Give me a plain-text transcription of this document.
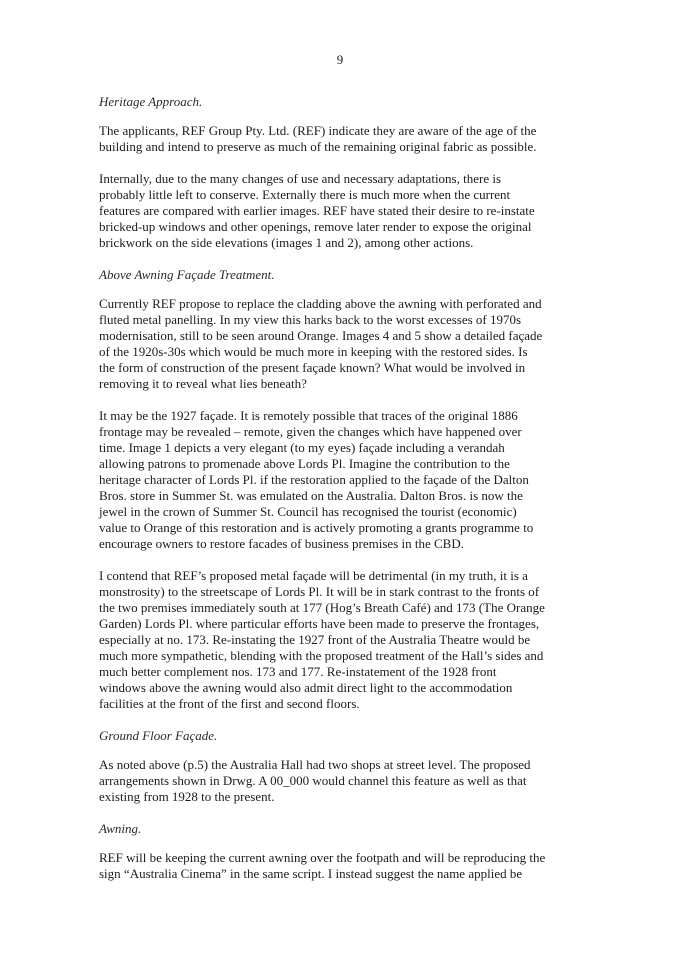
9
Heritage Approach.
The applicants, REF Group Pty. Ltd. (REF) indicate they are aware of the age of the
building and intend to preserve as much of the remaining original fabric as possible.
Internally, due to the many changes of use and necessary adaptations, there is
probably little left to conserve. Externally there is much more when the current
features are compared with earlier images. REF have stated their desire to re-instate
bricked-up windows and other openings, remove later render to expose the original
brickwork on the side elevations (images 1 and 2), among other actions.
Above Awning Façade Treatment.
Currently REF propose to replace the cladding above the awning with perforated and
fluted metal panelling. In my view this harks back to the worst excesses of 1970s
modernisation, still to be seen around Orange. Images 4 and 5 show a detailed façade
of the 1920s-30s which would be much more in keeping with the restored sides. Is
the form of construction of the present façade known? What would be involved in
removing it to reveal what lies beneath?
It may be the 1927 façade. It is remotely possible that traces of the original 1886
frontage may be revealed – remote, given the changes which have happened over
time. Image 1 depicts a very elegant (to my eyes) façade including a verandah
allowing patrons to promenade above Lords Pl. Imagine the contribution to the
heritage character of Lords Pl. if the restoration applied to the façade of the Dalton
Bros. store in Summer St. was emulated on the Australia. Dalton Bros. is now the
jewel in the crown of Summer St. Council has recognised the tourist (economic)
value to Orange of this restoration and is actively promoting a grants programme to
encourage owners to restore facades of business premises in the CBD.
I contend that REF’s proposed metal façade will be detrimental (in my truth, it is a
monstrosity) to the streetscape of Lords Pl. It will be in stark contrast to the fronts of
the two premises immediately south at 177 (Hog’s Breath Café) and 173 (The Orange
Garden) Lords Pl. where particular efforts have been made to preserve the frontages,
especially at no. 173. Re-instating the 1927 front of the Australia Theatre would be
much more sympathetic, blending with the proposed treatment of the Hall’s sides and
much better complement nos. 173 and 177. Re-instatement of the 1928 front
windows above the awning would also admit direct light to the accommodation
facilities at the front of the first and second floors.
Ground Floor Façade.
As noted above (p.5) the Australia Hall had two shops at street level. The proposed
arrangements shown in Drwg. A 00_000 would channel this feature as well as that
existing from 1928 to the present.
Awning.
REF will be keeping the current awning over the footpath and will be reproducing the
sign “Australia Cinema” in the same script. I instead suggest the name applied be
